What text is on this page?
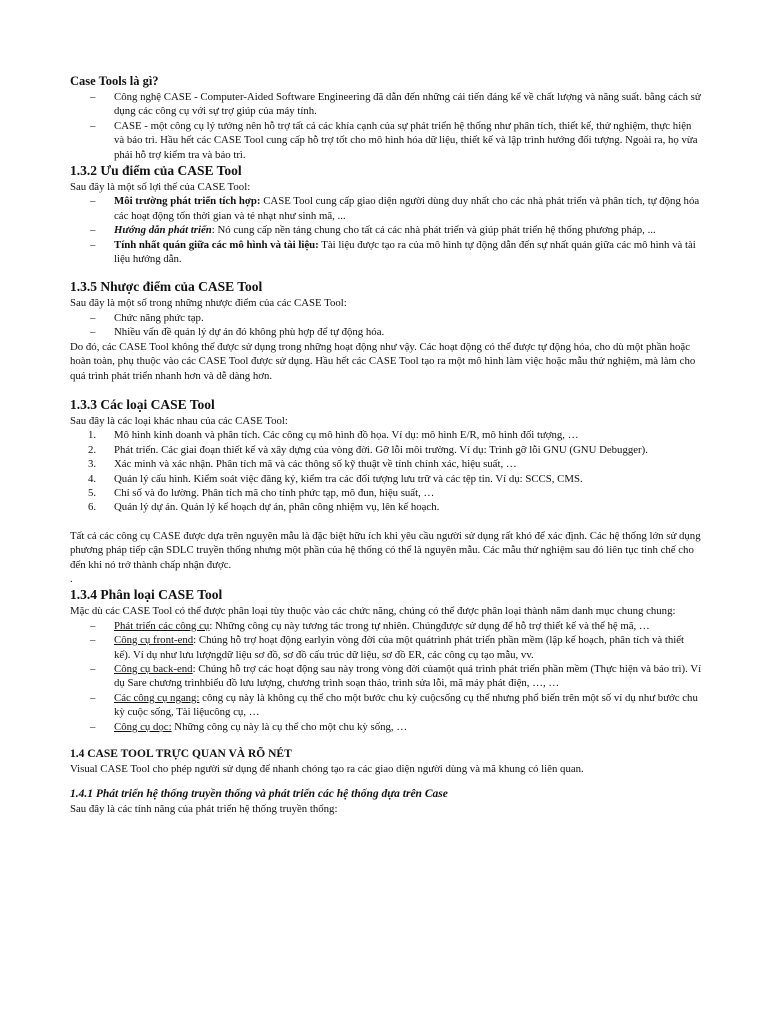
Case Tools là gì?
– Công nghệ CASE - Computer-Aided Software Engineering đã dẫn đến những cải tiến đáng kể về chất lượng và năng suất. bằng cách sử dụng các công cụ với sự trợ giúp của máy tính.
– CASE - một công cụ lý tưởng nên hỗ trợ tất cả các khía cạnh của sự phát triển hệ thống như phân tích, thiết kế, thử nghiệm, thực hiện và bảo trì. Hầu hết các CASE Tool cung cấp hỗ trợ tốt cho mô hình hóa dữ liệu, thiết kế và lập trình hướng đối tượng. Ngoài ra, họ vừa phải hỗ trợ kiểm tra và bảo trì.
1.3.2 Ưu điểm của CASE Tool

Sau đây là một số lợi thế của CASE Tool:

– Môi trường phát triển tích hợp: CASE Tool cung cấp giao diện người dùng duy nhất cho các nhà phát triển và phân tích, tự động hóa các hoạt động tốn thời gian và tẻ nhạt như sinh mã, ...
– Hướng dẫn phát triển: Nó cung cấp nền tảng chung cho tất cả các nhà phát triển và giúp phát triển hệ thống phương pháp, ...
– Tính nhất quán giữa các mô hình và tài liệu: Tài liệu được tạo ra của mô hình tự động dẫn đến sự nhất quán giữa các mô hình và tài liệu hướng dẫn.
1.3.5 Nhược điểm của CASE Tool

Sau đây là một số trong những nhược điểm của các CASE Tool:

– Chức năng phức tạp.
– Nhiều vấn đề quản lý dự án đó không phù hợp để tự động hóa.

Do đó, các CASE Tool không thể được sử dụng trong những hoạt động như vậy. Các hoạt động có thể được tự động hóa, cho dù một phần hoặc hoàn toàn, phụ thuộc vào các CASE Tool được sử dụng. Hầu hết các CASE Tool tạo ra một mô hình làm việc hoặc mẫu thử nghiệm, mà làm cho quá trình phát triển nhanh hơn và dễ dàng hơn.

1.3.3 Các loại CASE Tool

Sau đây là các loại khác nhau của các CASE Tool:

1. Mô hình kinh doanh và phân tích. Các công cụ mô hình đồ họa. Ví dụ: mô hình E/R, mô hình đối tượng, …
2. Phát triển. Các giai đoạn thiết kế và xây dựng của vòng đời. Gỡ lỗi môi trường. Ví dụ: Trình gỡ lỗi GNU (GNU Debugger).
3. Xác minh và xác nhận. Phân tích mã và các thông số kỹ thuật về tính chính xác, hiệu suất, …
4. Quản lý cấu hình. Kiểm soát việc đăng ký, kiểm tra các đối tượng lưu trữ và các tệp tin. Ví dụ: SCCS, CMS.
5. Chỉ số và đo lường. Phân tích mã cho tính phức tạp, mô đun, hiệu suất, …
6. Quản lý dự án. Quản lý kế hoạch dự án, phân công nhiệm vụ, lên kế hoạch.

Tất cả các công cụ CASE được dựa trên nguyên mẫu là đặc biệt hữu ích khi yêu cầu người sử dụng rất khó để xác định. Các hệ thống lớn sử dụng phương pháp tiếp cận SDLC truyền thống nhưng một phần của hệ thống có thể là nguyên mẫu. Các mẫu thử nghiệm sau đó liên tục tinh chế cho đến khi nó trở thành chấp nhận được.

.

1.3.4 Phân loại CASE Tool

Mặc dù các CASE Tool có thể được phân loại tùy thuộc vào các chức năng, chúng có thể được phân loại thành năm danh mục chung chung:

– Phát triển các công cụ: Những công cụ này tương tác trong tự nhiên. Chúngđược sử dụng để hỗ trợ thiết kế và thể hệ mã, …
– Công cụ front-end: Chúng hỗ trợ hoạt động earlyin vòng đời của một quátrình phát triển phần mềm (lập kế hoạch, phân tích và thiết kế). Ví dụ như lưu lượngdữ liệu sơ đồ, sơ đồ cấu trúc dữ liệu, sơ đồ ER, các công cụ tạo mẫu, vv.
– Công cụ back-end: Chúng hỗ trợ các hoạt động sau này trong vòng đời củamột quá trình phát triển phần mềm (Thực hiện và bảo trì). Ví dụ Sare chương trìnhbiểu đồ lưu lượng, chương trình soạn thảo, trình sửa lỗi, mã máy phát điện, …, …
– Các công cụ ngang: công cụ này là không cụ thể cho một bước chu kỳ cuộcsống cụ thể nhưng phổ biến trên một số ví dụ như bước chu kỳ cuộc sống, Tài liệucông cụ, …
– Công cụ dọc: Những công cụ này là cụ thể cho một chu kỳ sống, …
1.4 CASE TOOL TRỰC QUAN VÀ RÕ NÉT

Visual CASE Tool cho phép người sử dụng để nhanh chóng tạo ra các giao diện người dùng và mã khung có liên quan.

1.4.1 Phát triển hệ thống truyền thống và phát triển các hệ thống dựa trên Case

Sau đây là các tính năng của phát triển hệ thống truyền thống:
